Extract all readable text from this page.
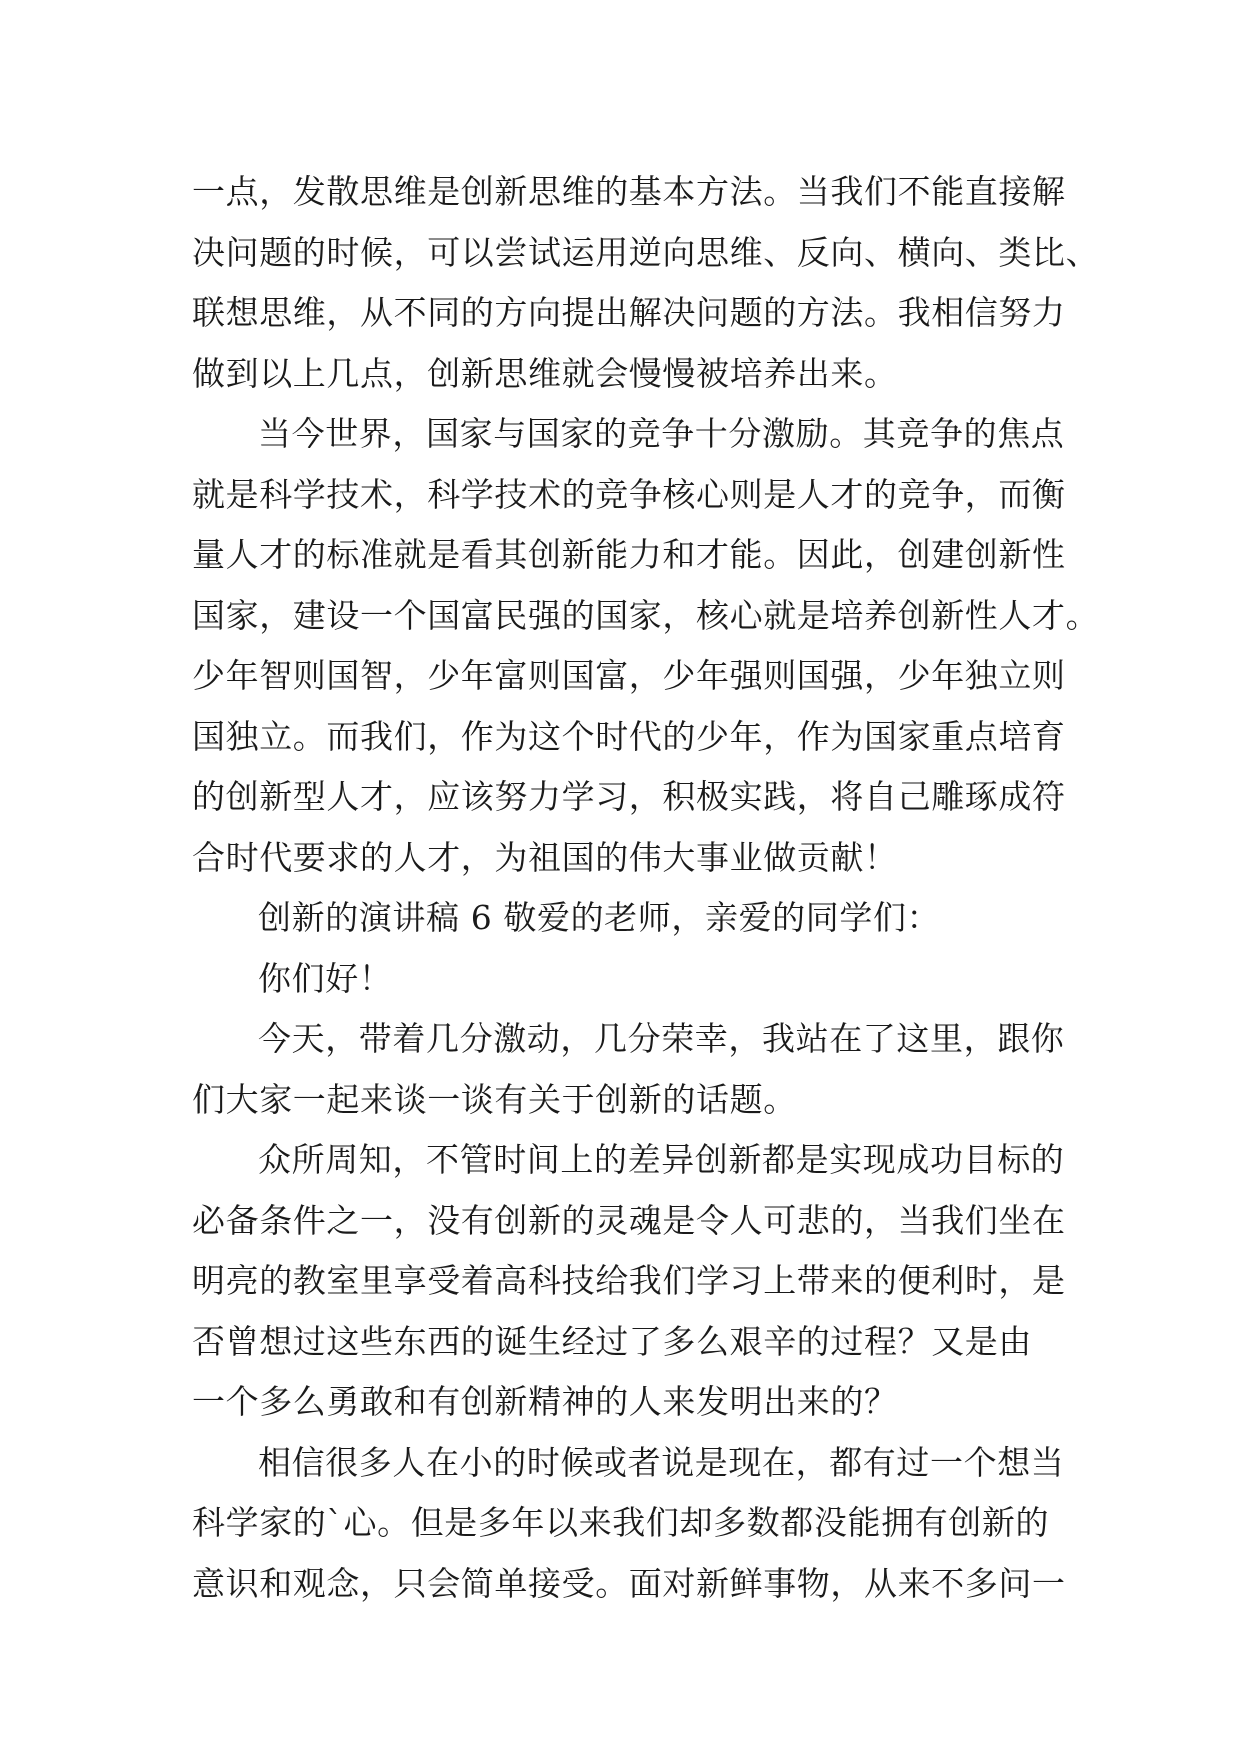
一点，发散思维是创新思维的基本方法。当我们不能直接解
决问题的时候，可以尝试运用逆向思维、反向、横向、类比、
联想思维，从不同的方向提出解决问题的方法。我相信努力
做到以上几点，创新思维就会慢慢被培养出来。
当今世界，国家与国家的竞争十分激励。其竞争的焦点
就是科学技术，科学技术的竞争核心则是人才的竞争，而衡
量人才的标准就是看其创新能力和才能。因此，创建创新性
国家，建设一个国富民强的国家，核心就是培养创新性人才。
少年智则国智，少年富则国富，少年强则国强，少年独立则
国独立。而我们，作为这个时代的少年，作为国家重点培育
的创新型人才，应该努力学习，积极实践，将自己雕琢成符
合时代要求的人才，为祖国的伟大事业做贡献！
创新的演讲稿 6 敬爱的老师，亲爱的同学们：
你们好！
今天，带着几分激动，几分荣幸，我站在了这里，跟你
们大家一起来谈一谈有关于创新的话题。
众所周知，不管时间上的差异创新都是实现成功目标的
必备条件之一，没有创新的灵魂是令人可悲的，当我们坐在
明亮的教室里享受着高科技给我们学习上带来的便利时，是
否曾想过这些东西的诞生经过了多么艰辛的过程？又是由
一个多么勇敢和有创新精神的人来发明出来的？
相信很多人在小的时候或者说是现在，都有过一个想当
科学家的`心。但是多年以来我们却多数都没能拥有创新的
意识和观念，只会简单接受。面对新鲜事物，从来不多问一
